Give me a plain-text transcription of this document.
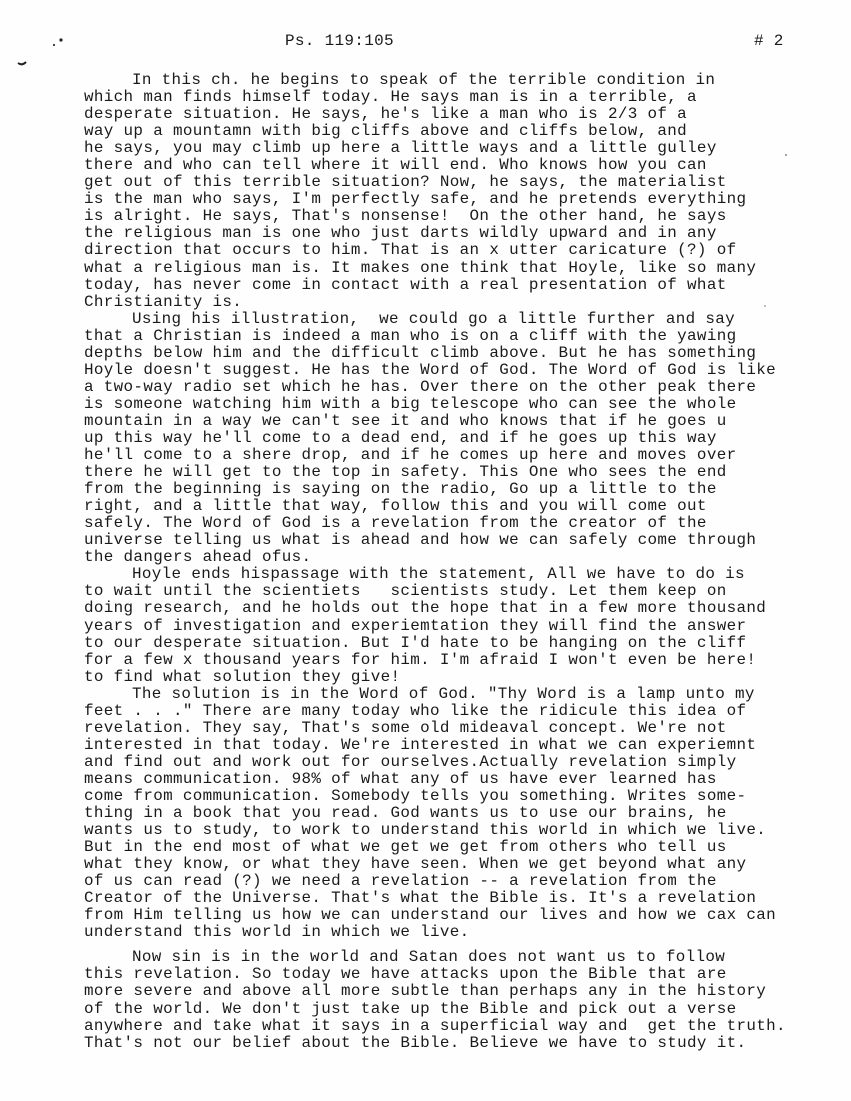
Ps. 119:105	# 2
In this ch. he begins to speak of the terrible condition in
which man finds himself today. He says man is in a terrible, a
desperate situation. He says, he's like a man who is 2/3 of a
way up a mountamn with big cliffs above and cliffs below, and
he says, you may climb up here a little ways and a little gulley
there and who can tell where it will end. Who knows how you can
get out of this terrible situation? Now, he says, the materialist
is the man who says, I'm perfectly safe, and he pretends everything
is alright. He says, That's nonsense!  On the other hand, he says
the religious man is one who just darts wildly upward and in any
direction that occurs to him. That is an x utter caricature (?) of
what a religious man is. It makes one think that Hoyle, like so many
today, has never come in contact with a real presentation of what
Christianity is.
Using his illustration,  we could go a little further and say
that a Christian is indeed a man who is on a cliff with the yawing
depths below him and the difficult climb above. But he has something
Hoyle doesn't suggest. He has the Word of God. The Word of God is like
a two-way radio set which he has. Over there on the other peak there
is someone watching him with a big telescope who can see the whole
mountain in a way we can't see it and who knows that if he goes u
up this way he'll come to a dead end, and if he goes up this way
he'll come to a shere drop, and if he comes up here and moves over
there he will get to the top in safety. This One who sees the end
from the beginning is saying on the radio, Go up a little to the
right, and a little that way, follow this and you will come out
safely. The Word of God is a revelation from the creator of the
universe telling us what is ahead and how we can safely come through
the dangers ahead ofus.
Hoyle ends hispassage with the statement, All we have to do is
to wait until the scientiets   scientists study. Let them keep on
doing research, and he holds out the hope that in a few more thousand
years of investigation and experiemtation they will find the answer
to our desperate situation. But I'd hate to be hanging on the cliff
for a few x thousand years for him. I'm afraid I won't even be here!
to find what solution they give!
The solution is in the Word of God. "Thy Word is a lamp unto my
feet . . ." There are many today who like the ridicule this idea of
revelation. They say, That's some old mideaval concept. We're not
interested in that today. We're interested in what we can experiemnt
and find out and work out for ourselves.Actually revelation simply
means communication. 98% of what any of us have ever learned has
come from communication. Somebody tells you something. Writes some-
thing in a book that you read. God wants us to use our brains, he
wants us to study, to work to understand this world in which we live.
But in the end most of what we get we get from others who tell us
what they know, or what they have seen. When we get beyond what any
of us can read (?) we need a revelation -- a revelation from the
Creator of the Universe. That's what the Bible is. It's a revelation
from Him telling us how we can understand our lives and how we cax can
understand this world in which we live.
Now sin is in the world and Satan does not want us to follow
this revelation. So today we have attacks upon the Bible that are
more severe and above all more subtle than perhaps any in the history
of the world. We don't just take up the Bible and pick out a verse
anywhere and take what it says in a superficial way and  get the truth.
That's not our belief about the Bible. Believe we have to study it.
